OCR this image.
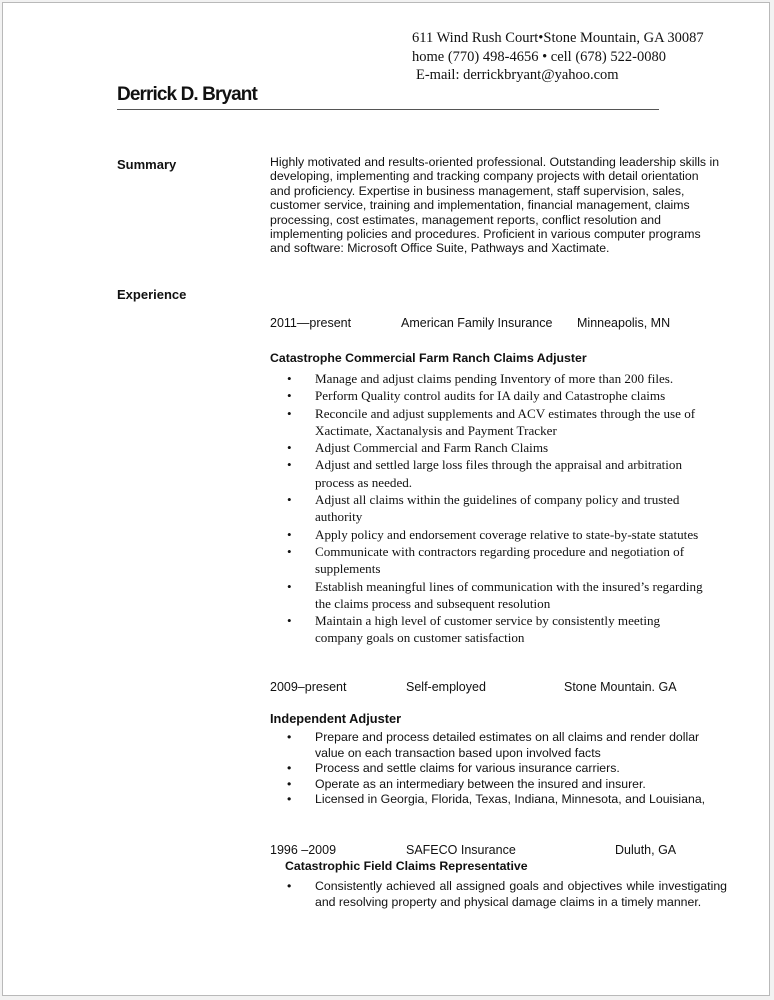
611 Wind Rush Court•Stone Mountain, GA 30087
home (770) 498-4656 • cell (678) 522-0080
E-mail: derrickbryant@yahoo.com
Derrick D. Bryant
Summary	Highly motivated and results-oriented professional. Outstanding leadership skills in
developing, implementing and tracking company projects with detail orientation
and proficiency. Expertise in business management, staff supervision, sales,
customer service, training and implementation, financial management, claims
processing, cost estimates, management reports, conflict resolution and
implementing policies and procedures. Proficient in various computer programs
and software: Microsoft Office Suite, Pathways and Xactimate.
Experience
2011—present	American Family Insurance Minneapolis, MN
Catastrophe Commercial Farm Ranch Claims Adjuster
• Manage and adjust claims pending Inventory of more than 200 files.
• Perform Quality control audits for IA daily and Catastrophe claims
• Reconcile and adjust supplements and ACV estimates through the use of
Xactimate, Xactanalysis and Payment Tracker
• Adjust Commercial and Farm Ranch Claims
• Adjust and settled large loss files through the appraisal and arbitration
process as needed.
• Adjust all claims within the guidelines of company policy and trusted
authority
• Apply policy and endorsement coverage relative to state-by-state statutes
• Communicate with contractors regarding procedure and negotiation of
supplements
• Establish meaningful lines of communication with the insured’s regarding
the claims process and subsequent resolution
• Maintain a high level of customer service by consistently meeting
company goals on customer satisfaction
2009–present	Self-employed	Stone Mountain. GA
Independent Adjuster
• Prepare and process detailed estimates on all claims and render dollar
value on each transaction based upon involved facts
• Process and settle claims for various insurance carriers.
• Operate as an intermediary between the insured and insurer.
• Licensed in Georgia, Florida, Texas, Indiana, Minnesota, and Louisiana,
1996 –2009	SAFECO Insurance	Duluth, GA
Catastrophic Field Claims Representative
• Consistently achieved all assigned goals and objectives while investigating and resolving property and physical damage claims in a timely manner.
